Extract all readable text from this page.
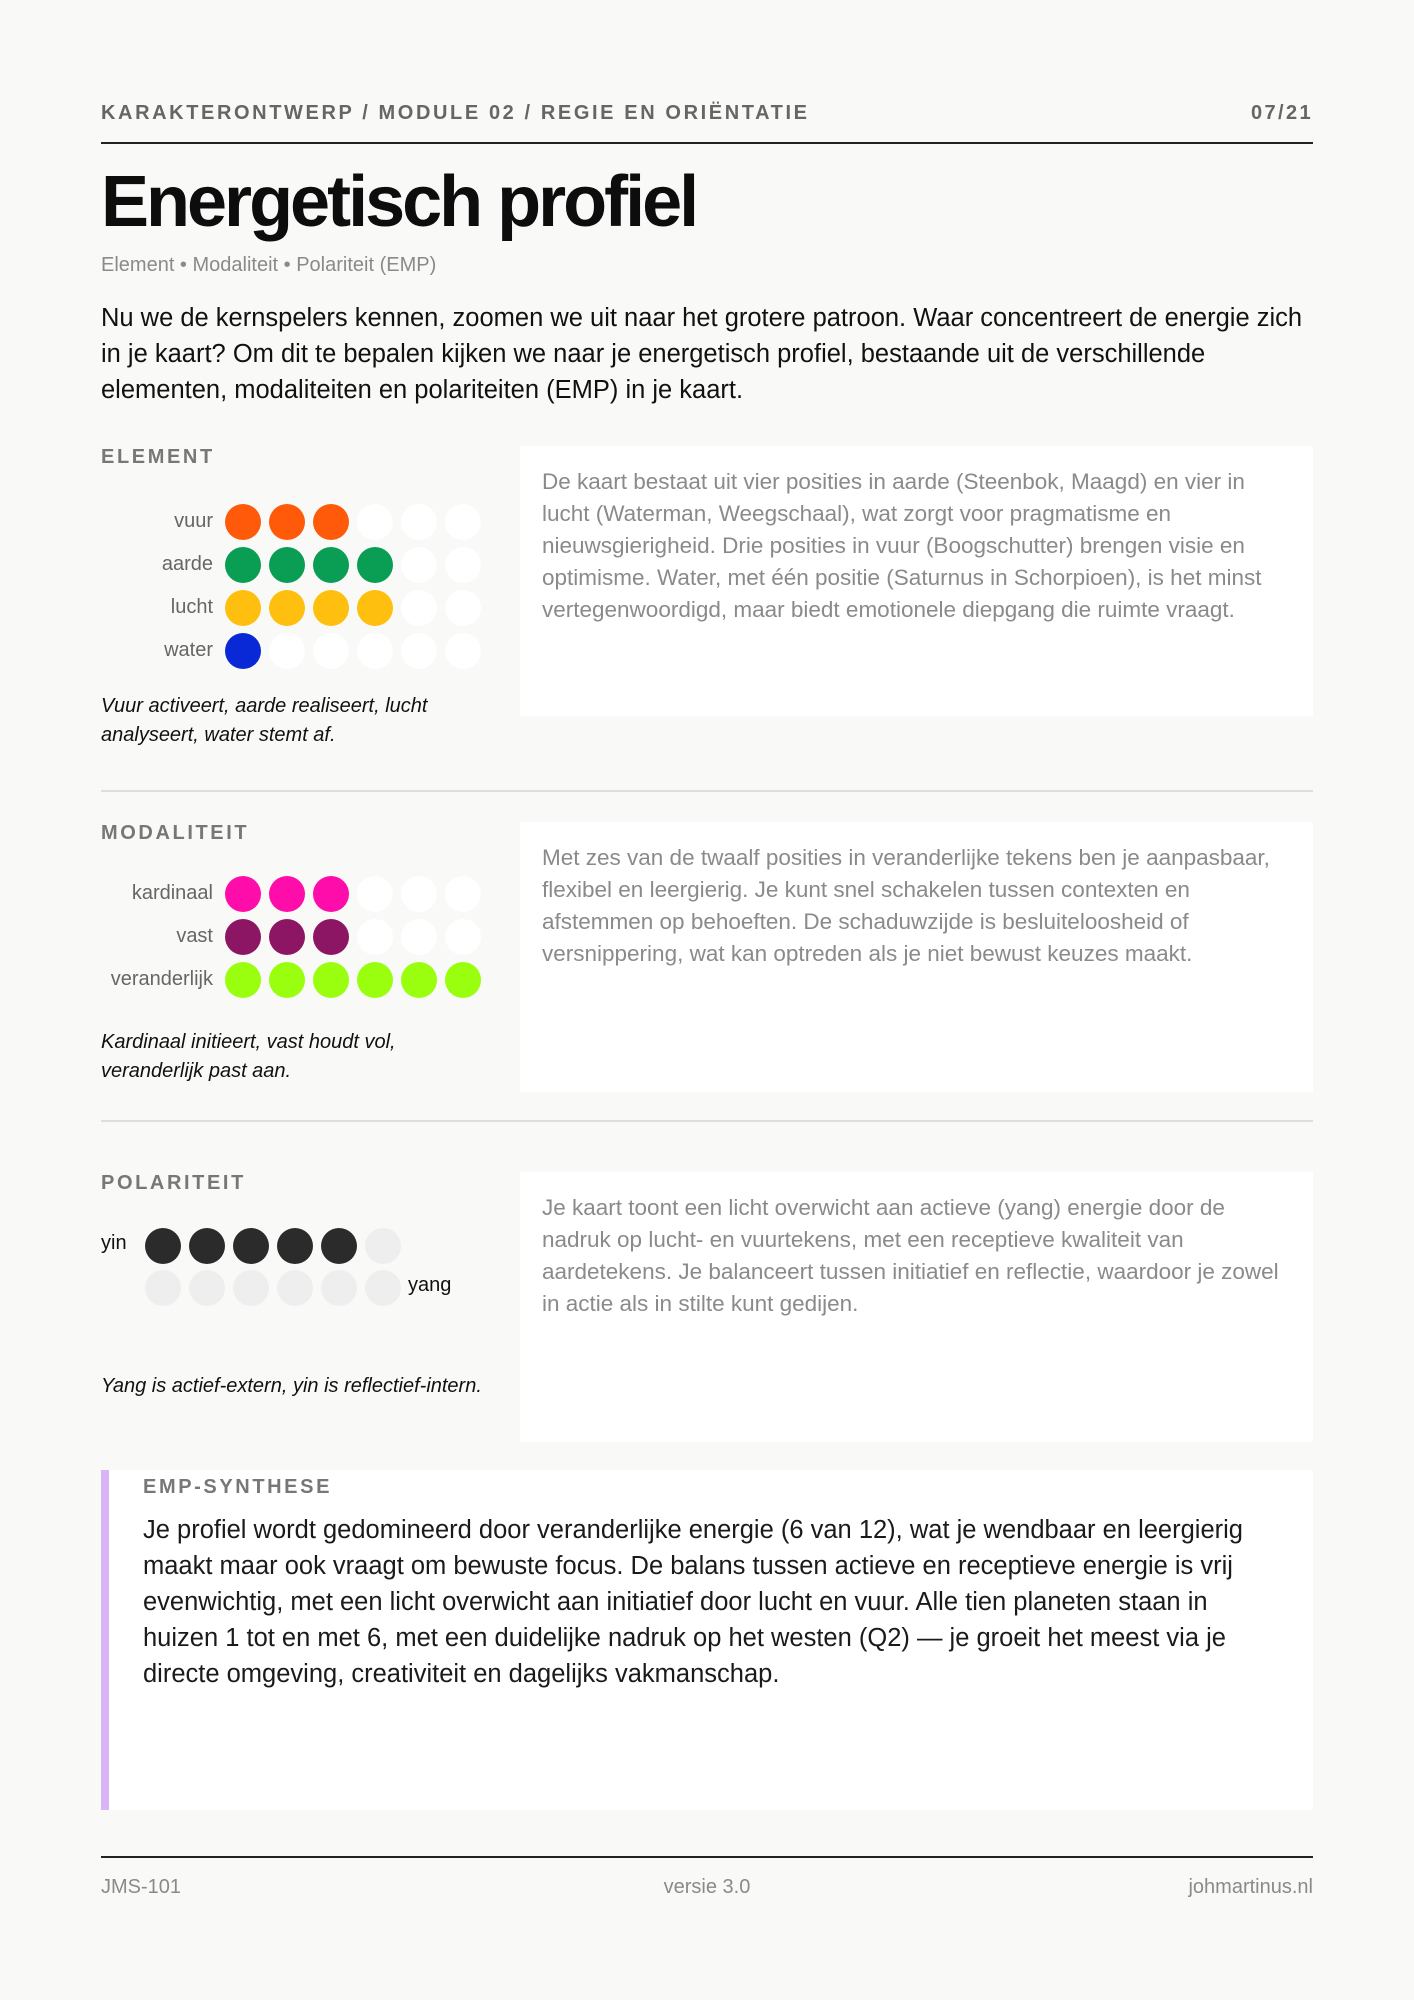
KARAKTERONTWERP / MODULE 02 / REGIE EN ORIËNTATIE	07/21
Energetisch profiel
Element • Modaliteit • Polariteit (EMP)

Nu we de kernspelers kennen, zoomen we uit naar het grotere patroon. Waar concentreert de energie zich in je kaart? Om dit te bepalen kijken we naar je energetisch profiel, bestaande uit de verschillende elementen, modaliteiten en polariteiten (EMP) in je kaart.

ELEMENT
vuur
aarde
lucht
water
Vuur activeert, aarde realiseert, lucht analyseert, water stemt af.
De kaart bestaat uit vier posities in aarde (Steenbok, Maagd) en vier in lucht (Waterman, Weegschaal), wat zorgt voor pragmatisme en nieuwsgierigheid. Drie posities in vuur (Boogschutter) brengen visie en optimisme. Water, met één positie (Saturnus in Schorpioen), is het minst vertegenwoordigd, maar biedt emotionele diepgang die ruimte vraagt.
MODALITEIT
kardinaal
vast
veranderlijk
Kardinaal initieert, vast houdt vol, veranderlijk past aan.
Met zes van de twaalf posities in veranderlijke tekens ben je aanpasbaar, flexibel en leergierig. Je kunt snel schakelen tussen contexten en afstemmen op behoeften. De schaduwzijde is besluiteloosheid of versnippering, wat kan optreden als je niet bewust keuzes maakt.
POLARITEIT
yin
yang
Yang is actief-extern, yin is reflectief-intern.
Je kaart toont een licht overwicht aan actieve (yang) energie door de nadruk op lucht- en vuurtekens, met een receptieve kwaliteit van aardetekens. Je balanceert tussen initiatief en reflectie, waardoor je zowel in actie als in stilte kunt gedijen.
EMP-SYNTHESE

Je profiel wordt gedomineerd door veranderlijke energie (6 van 12), wat je wendbaar en leergierig maakt maar ook vraagt om bewuste focus. De balans tussen actieve en receptieve energie is vrij evenwichtig, met een licht overwicht aan initiatief door lucht en vuur. Alle tien planeten staan in huizen 1 tot en met 6, met een duidelijke nadruk op het westen (Q2) — je groeit het meest via je directe omgeving, creativiteit en dagelijks vakmanschap.

JMS-101	versie 3.0	johmartinus.nl
